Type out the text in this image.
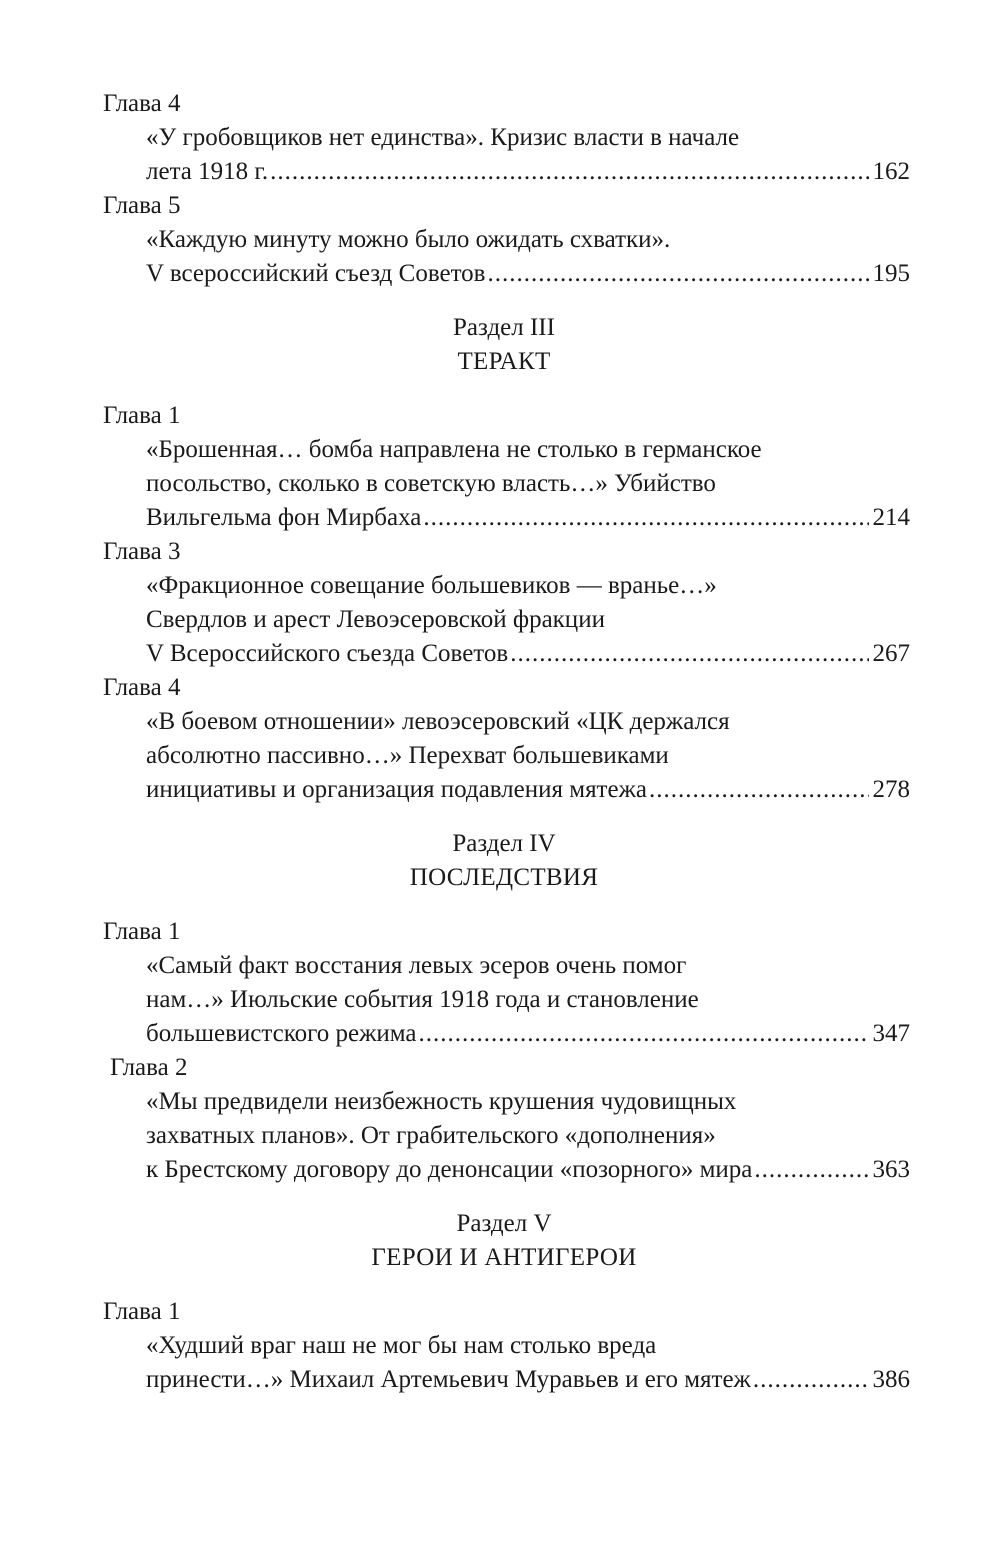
Глава 4
«У гробовщиков нет единства». Кризис власти в начале
лета 1918 г. .....	162
Глава 5
«Каждую минуту можно было ожидать схватки».
V всероссийский съезд Советов .....	195
Раздел III
ТЕРАКТ
Глава 1
«Брошенная… бомба направлена не столько в германское
посольство, сколько в советскую власть…» Убийство
Вильгельма фон Мирбаха .....	214
Глава 3
«Фракционное совещание большевиков — вранье…»
Свердлов и арест Левоэсеровской фракции
V Всероссийского съезда Советов .....	267
Глава 4
«В боевом отношении» левоэсеровский «ЦК держался
абсолютно пассивно…» Перехват большевиками
инициативы и организация подавления мятежа .....	278
Раздел IV
ПОСЛЕДСТВИЯ
Глава 1
«Самый факт восстания левых эсеров очень помог
нам…» Июльские события 1918 года и становление
большевистского режима .....	347
Глава 2
«Мы предвидели неизбежность крушения чудовищных
захватных планов». От грабительского «дополнения»
к Брестскому договору до денонсации «позорного» мира .....	363
Раздел V
ГЕРОИ И АНТИГЕРОИ
Глава 1
«Худший враг наш не мог бы нам столько вреда
принести…» Михаил Артемьевич Муравьев и его мятеж .....	386
